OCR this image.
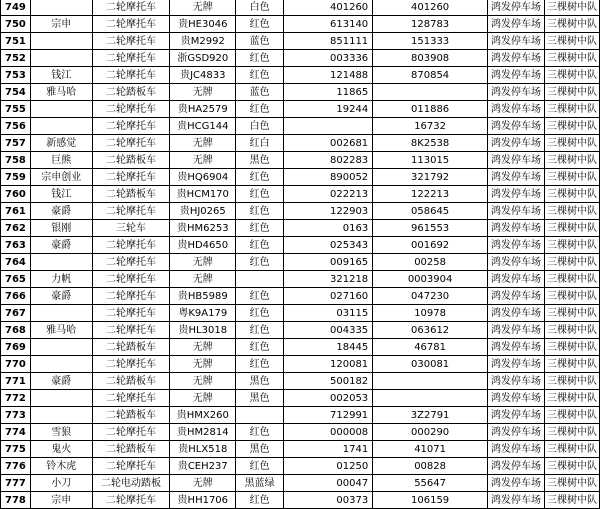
749		二轮摩托车	无牌	白色	401260	401260	鸿发停车场	三棵树中队
750	宗申	二轮摩托车	贵HE3046	红色	613140	128783	鸿发停车场	三棵树中队
751		二轮摩托车	贵M2992	蓝色	851111	151333	鸿发停车场	三棵树中队
752		二轮摩托车	浙GSD920	红色	003336	803908	鸿发停车场	三棵树中队
753	钱江	二轮摩托车	贵JC4833	红色	121488	870854	鸿发停车场	三棵树中队
754	雅马哈	二轮踏板车	无牌	蓝色	11865		鸿发停车场	三棵树中队
755		二轮摩托车	贵HA2579	红色	19244	011886	鸿发停车场	三棵树中队
756		二轮摩托车	贵HCG144	白色		16732	鸿发停车场	三棵树中队
757	新感觉	二轮摩托车	无牌	红白	002681	8K2538	鸿发停车场	三棵树中队
758	巨熊	二轮踏板车	无牌	黑色	802283	113015	鸿发停车场	三棵树中队
759	宗申创业	二轮摩托车	贵HQ6904	红色	890052	321792	鸿发停车场	三棵树中队
760	钱江	二轮踏板车	贵HCM170	红色	022213	122213	鸿发停车场	三棵树中队
761	豪爵	二轮摩托车	贵HJ0265	红色	122903	058645	鸿发停车场	三棵树中队
762	银刚	三轮车	贵HM6253	红色	0163	961553	鸿发停车场	三棵树中队
763	豪爵	二轮摩托车	贵HD4650	红色	025343	001692	鸿发停车场	三棵树中队
764		二轮摩托车	无牌	红色	009165	00258	鸿发停车场	三棵树中队
765	力帆	二轮摩托车	无牌		321218	0003904	鸿发停车场	三棵树中队
766	豪爵	二轮摩托车	贵HB5989	红色	027160	047230	鸿发停车场	三棵树中队
767		二轮摩托车	粤K9A179	红色	03115	10978	鸿发停车场	三棵树中队
768	雅马哈	二轮摩托车	贵HL3018	红色	004335	063612	鸿发停车场	三棵树中队
769		二轮踏板车	无牌	红色	18445	46781	鸿发停车场	三棵树中队
770		二轮摩托车	无牌	红色	120081	030081	鸿发停车场	三棵树中队
771	豪爵	二轮踏板车	无牌	黑色	500182		鸿发停车场	三棵树中队
772		二轮摩托车	无牌	黑色	002053		鸿发停车场	三棵树中队
773		二轮踏板车	贵HMX260		712991	3Z2791	鸿发停车场	三棵树中队
774	雪狼	二轮摩托车	贵HM2814	红色	000008	000290	鸿发停车场	三棵树中队
775	鬼火	二轮踏板车	贵HLX518	黑色	1741	41071	鸿发停车场	三棵树中队
776	铃木虎	二轮摩托车	贵CEH237	红色	01250	00828	鸿发停车场	三棵树中队
777	小刀	二轮电动踏板	无牌	黑蓝绿	00047	55647	鸿发停车场	三棵树中队
778	宗申	二轮摩托车	贵HH1706	红色	00373	106159	鸿发停车场	三棵树中队
